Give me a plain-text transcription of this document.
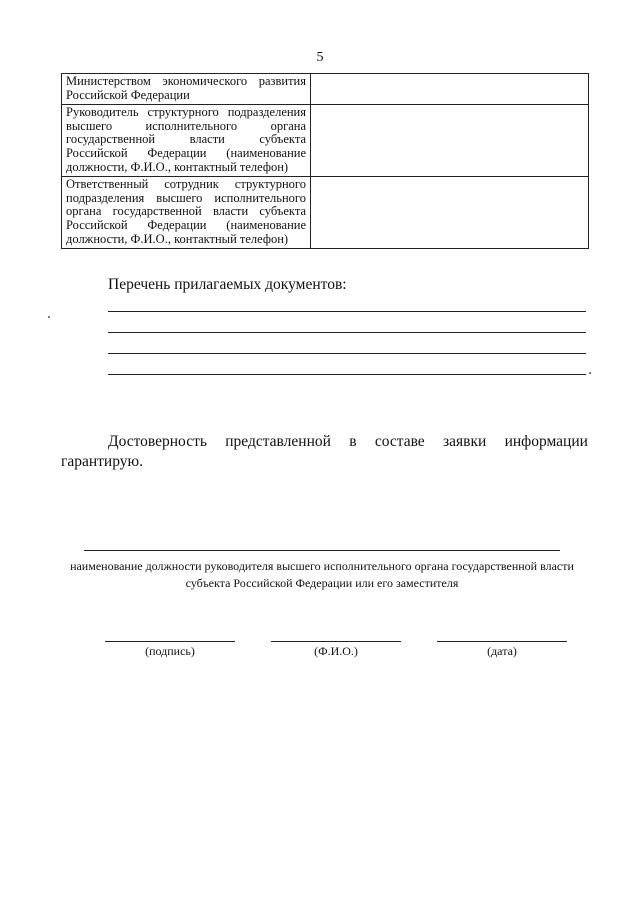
5
Министерством экономического развития Российской Федерации	
Руководитель структурного подразделения высшего исполнительного органа государственной власти субъекта Российской Федерации (наименование должности, Ф.И.О., контактный телефон)	
Ответственный сотрудник структурного подразделения высшего исполнительного органа государственной власти субъекта Российской Федерации (наименование должности, Ф.И.О., контактный телефон)	
Перечень прилагаемых документов:
Достоверность представленной в составе заявки информации
гарантирую.
наименование должности руководителя высшего исполнительного органа государственной власти субъекта Российской Федерации или его заместителя
(подпись)	(Ф.И.О.)	(дата)
